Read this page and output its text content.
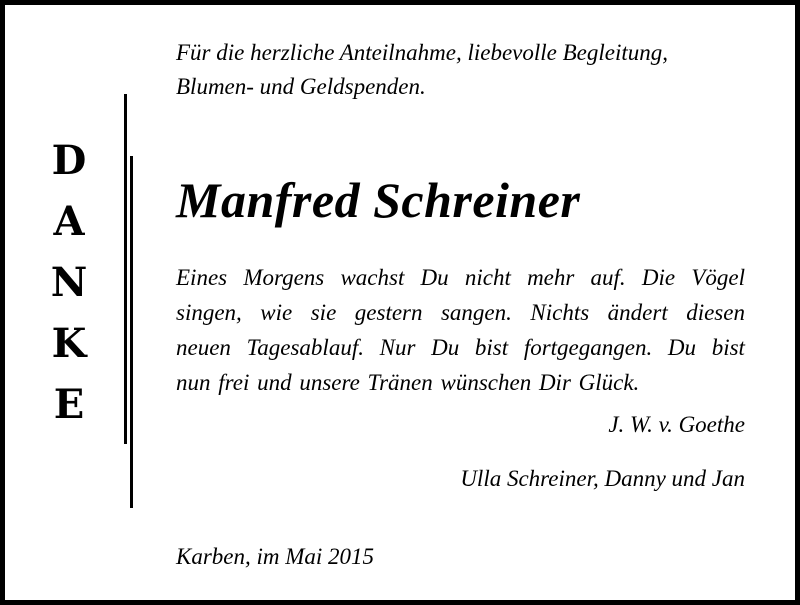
D
A
N
K
E
Für die herzliche Anteilnahme, liebevolle Begleitung,
Blumen- und Geldspenden.
Manfred Schreiner
Eines Morgens wachst Du nicht mehr auf. Die Vögel
singen, wie sie gestern sangen. Nichts ändert diesen
neuen Tagesablauf. Nur Du bist fortgegangen. Du bist
nun frei und unsere Tränen wünschen Dir Glück.
J. W. v. Goethe
Ulla Schreiner, Danny und Jan
Karben, im Mai 2015
